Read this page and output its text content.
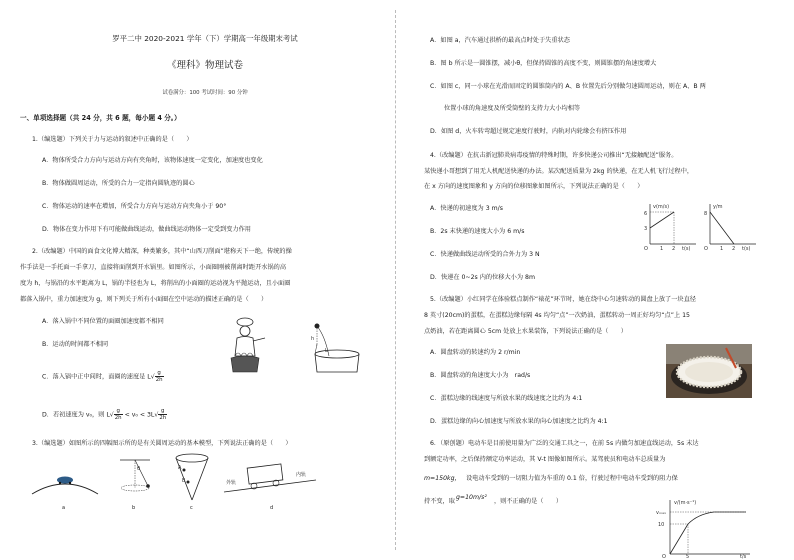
罗平二中 2020-2021 学年（下）学期高一年级期末考试
《理科》物理试卷
试卷满分：100 考试时间：90 分钟
一、单项选择题（共 24 分，共 6 题，每小题 4 分。）
1.（编选题）下列关于力与运动的叙述中正确的是（　　）
A．物体所受合力方向与运动方向有夹角时，该物体速度一定变化，加速度也变化
B．物体做圆周运动，所受的合力一定指向圆轨迹的圆心
C．物体运动的速率在增加，所受合力方向与运动方向夹角小于 90°
D．物体在变力作用下有可能做曲线运动，做曲线运动物体一定受到变力作用
2.（改编题）中国的面食文化博大精深，种类繁多，其中“山西刀削面”堪称天下一绝，传统的操
作手法是一手托面一手拿刀，直接将面削到开水锅里。如图所示，小面圈刚被削离时距开水锅的高
度为 h，与锅沿的水平距离为 L，锅的半径也为 L，将削出的小面圈的运动视为平抛运动，且小面圈
都落入锅中，重力加速度为 g，则下列关于所有小面圈在空中运动的描述正确的是（　　）
A．落入锅中不同位置的面圈加速度都不相同
B．运动的时间都不相同
C．落入锅中正中间时，面圈的速度是 $L√ \frac{g}{2h}$
D．若初速度为 v₀，则 $L√ \frac{g}{2h} < v_0 < 3L√ \frac{g}{2h}$
h
L
3.（编选题）如图所示的四幅图示所的是有关圆周运动的基本模型，下列说法正确的是（　　）
θ	A
B	外轨
内轨
a	b	c	d
A．如图 a，汽车通过拱桥的最高点时处于失重状态
B．图 b 所示是一圆锥摆，减小θ，但保持圆锥的高度不变，则圆锥摆的角速度增大
C．如图 c，同一小球在光滑而固定的圆锥筒内的 A、B 位置先后分别做匀速圆周运动，则在 A、B 两
位置小球的角速度及所受筒壁的支持力大小均相等
D．如图 d，火车转弯超过规定速度行驶时，内轨对内轮缘会有挤压作用
4.（改编题）在抗击新冠肺炎病毒疫情的特殊时期，许多快递公司推出“无接触配送”服务。
某快递小哥想到了用无人机配送快递的办法。某次配送质量为 2kg 的快递，在无人机飞行过程中，
在 x 方向的速度图象和 y 方向的位移图象如图所示，下列说法正确的是（　　）
A．快递的初速度为 3 m/s
B．2s 末快递的速度大小为 6 m/s
C．快递做曲线运动所受的合外力为 3 N
D．快递在 0~2s 内的位移大小为 8m
v(m/s)
6
3
O 1 2 t(s)
y/m
8
O 1 2 t(s)
5.（改编题）小红同学在体验糕点制作“裱花”环节时，她在绕中心匀速转动的圆盘上放了一块直径
8 英寸(20cm)的蛋糕，在蛋糕边缘每隔 4s 均匀“点”一次奶油，蛋糕转动一周正好均匀“点”上 15
点奶油，若在距离圆心 5cm 处放上水果装饰，下列说法正确的是（　　）
A．圆盘转动的转速约为 2 r/min
B．圆盘转动的角速度大小为　rad/s
C．蛋糕边缘的线速度与所放水果的线速度之比约为 4:1
D．蛋糕边缘的向心加速度与所放水果的向心加速度之比约为 4:1
6．（原创题）电动车是目前使用量为广泛的交通工具之一，在前 5s 内做匀加速直线运动，5s 末达
到额定功率，之后保持额定功率运动，其 V-t 图像如图所示。某驾驶员和电动车总质量为
m=150kg， 设电动车受到的一切阻力值为车重的 0.1 倍，行驶过程中电动车受到的阻力保
持不变，取
g=10m/s²
，则不正确的是（　　）	v/(m·s⁻¹)
vₘₐₓ
10
O	5	t/s
